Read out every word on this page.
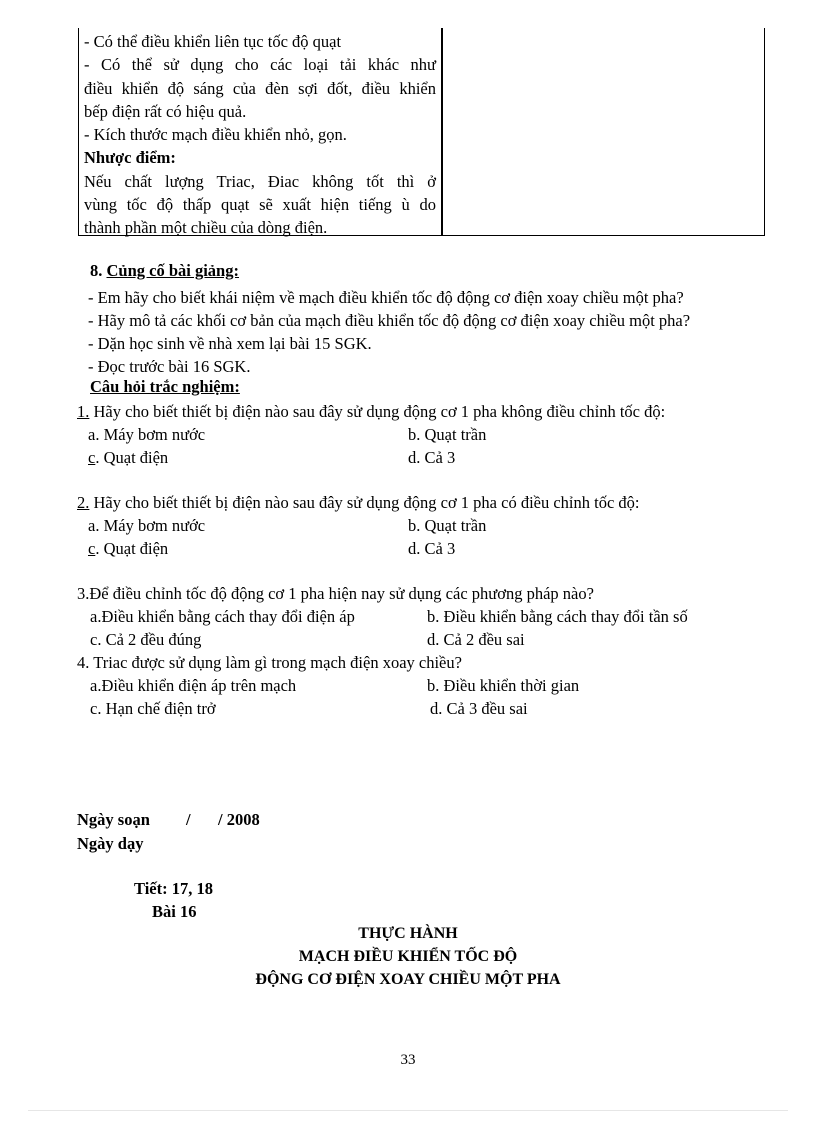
- Có thể điều khiển liên tục tốc độ quạt
- Có thể sử dụng cho các loại tải khác như
điều khiển độ sáng của đèn sợi đốt, điều khiển
bếp điện rất có hiệu quả.
- Kích thước mạch điều khiển nhỏ, gọn.
Nhược điểm:
Nếu chất lượng Triac, Điac không tốt thì ở
vùng tốc độ thấp quạt sẽ xuất hiện tiếng ù do
thành phần một chiều của dòng điện.
8. Củng cố bài giảng:
- Em hãy cho biết khái niệm về mạch điều khiển tốc độ động cơ điện xoay chiều một pha?
- Hãy mô tả các khối cơ bản của mạch điều khiển tốc độ động cơ điện xoay chiều một pha?
- Dặn học sinh về nhà xem lại bài 15 SGK.
- Đọc trước bài 16 SGK.
Câu hỏi trắc nghiệm:
1. Hãy cho biết thiết bị điện nào sau đây sử dụng động cơ 1 pha không điều chỉnh tốc độ:
a. Máy bơm nước	b. Quạt trần
c. Quạt điện	d. Cả 3
2. Hãy cho biết thiết bị điện nào sau đây sử dụng động cơ 1 pha có điều chỉnh tốc độ:
a. Máy bơm nước	b. Quạt trần
c. Quạt điện	d. Cả 3
3.Để điều chỉnh tốc độ động cơ 1 pha hiện nay sử dụng các phương pháp nào?
a.Điều khiển bằng cách thay đổi điện áp	b. Điều khiển bằng cách thay đổi tần số
c. Cả 2 đều đúng	d. Cả 2 đều sai
4. Triac được sử dụng làm gì trong mạch điện xoay chiều?
a.Điều khiển điện áp trên mạch	b. Điều khiển thời gian
c. Hạn chế điện trở	d. Cả 3 đều sai
Ngày soạn / / 2008
Ngày dạy
Tiết: 17, 18
Bài 16
THỰC HÀNH
MẠCH ĐIỀU KHIỂN TỐC ĐỘ
ĐỘNG CƠ ĐIỆN XOAY CHIỀU MỘT PHA
33
